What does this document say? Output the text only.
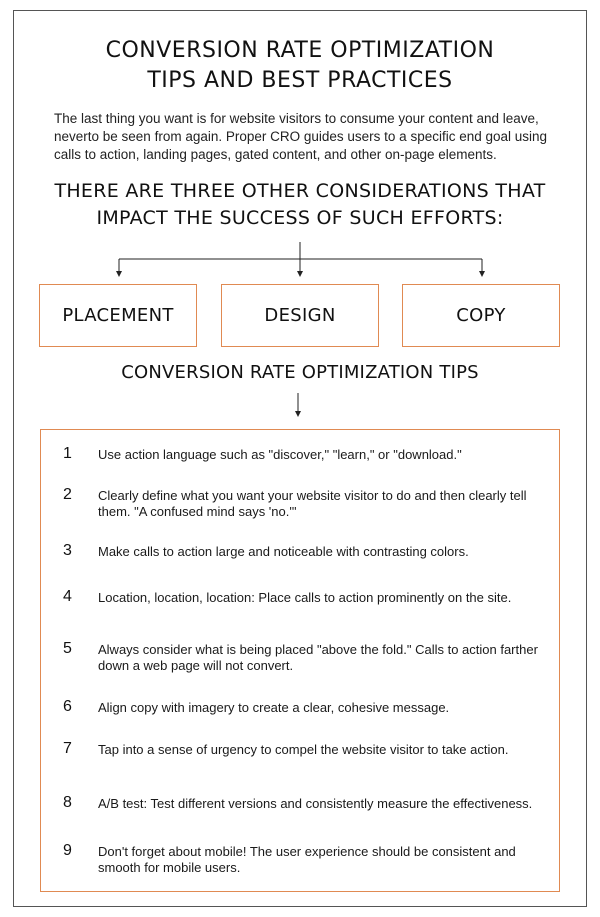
CONVERSION RATE OPTIMIZATION
TIPS AND BEST PRACTICES

The last thing you want is for website visitors to consume your content and leave, neverto be seen from again. Proper CRO guides users to a specific end goal using calls to action, landing pages, gated content, and other on-page elements.

THERE ARE THREE OTHER CONSIDERATIONS THAT
IMPACT THE SUCCESS OF SUCH EFFORTS:
PLACEMENT	DESIGN	COPY
CONVERSION RATE OPTIMIZATION TIPS
1	Use action language such as "discover," "learn," or "download."
2	Clearly define what you want your website visitor to do and then clearly tell them. "A confused mind says 'no.'"
3	Make calls to action large and noticeable with contrasting colors.
4	Location, location, location: Place calls to action prominently on the site.
5	Always consider what is being placed "above the fold." Calls to action farther down a web page will not convert.
6	Align copy with imagery to create a clear, cohesive message.
7	Tap into a sense of urgency to compel the website visitor to take action.
8	A/B test: Test different versions and consistently measure the effectiveness.
9	Don't forget about mobile! The user experience should be consistent and smooth for mobile users.
